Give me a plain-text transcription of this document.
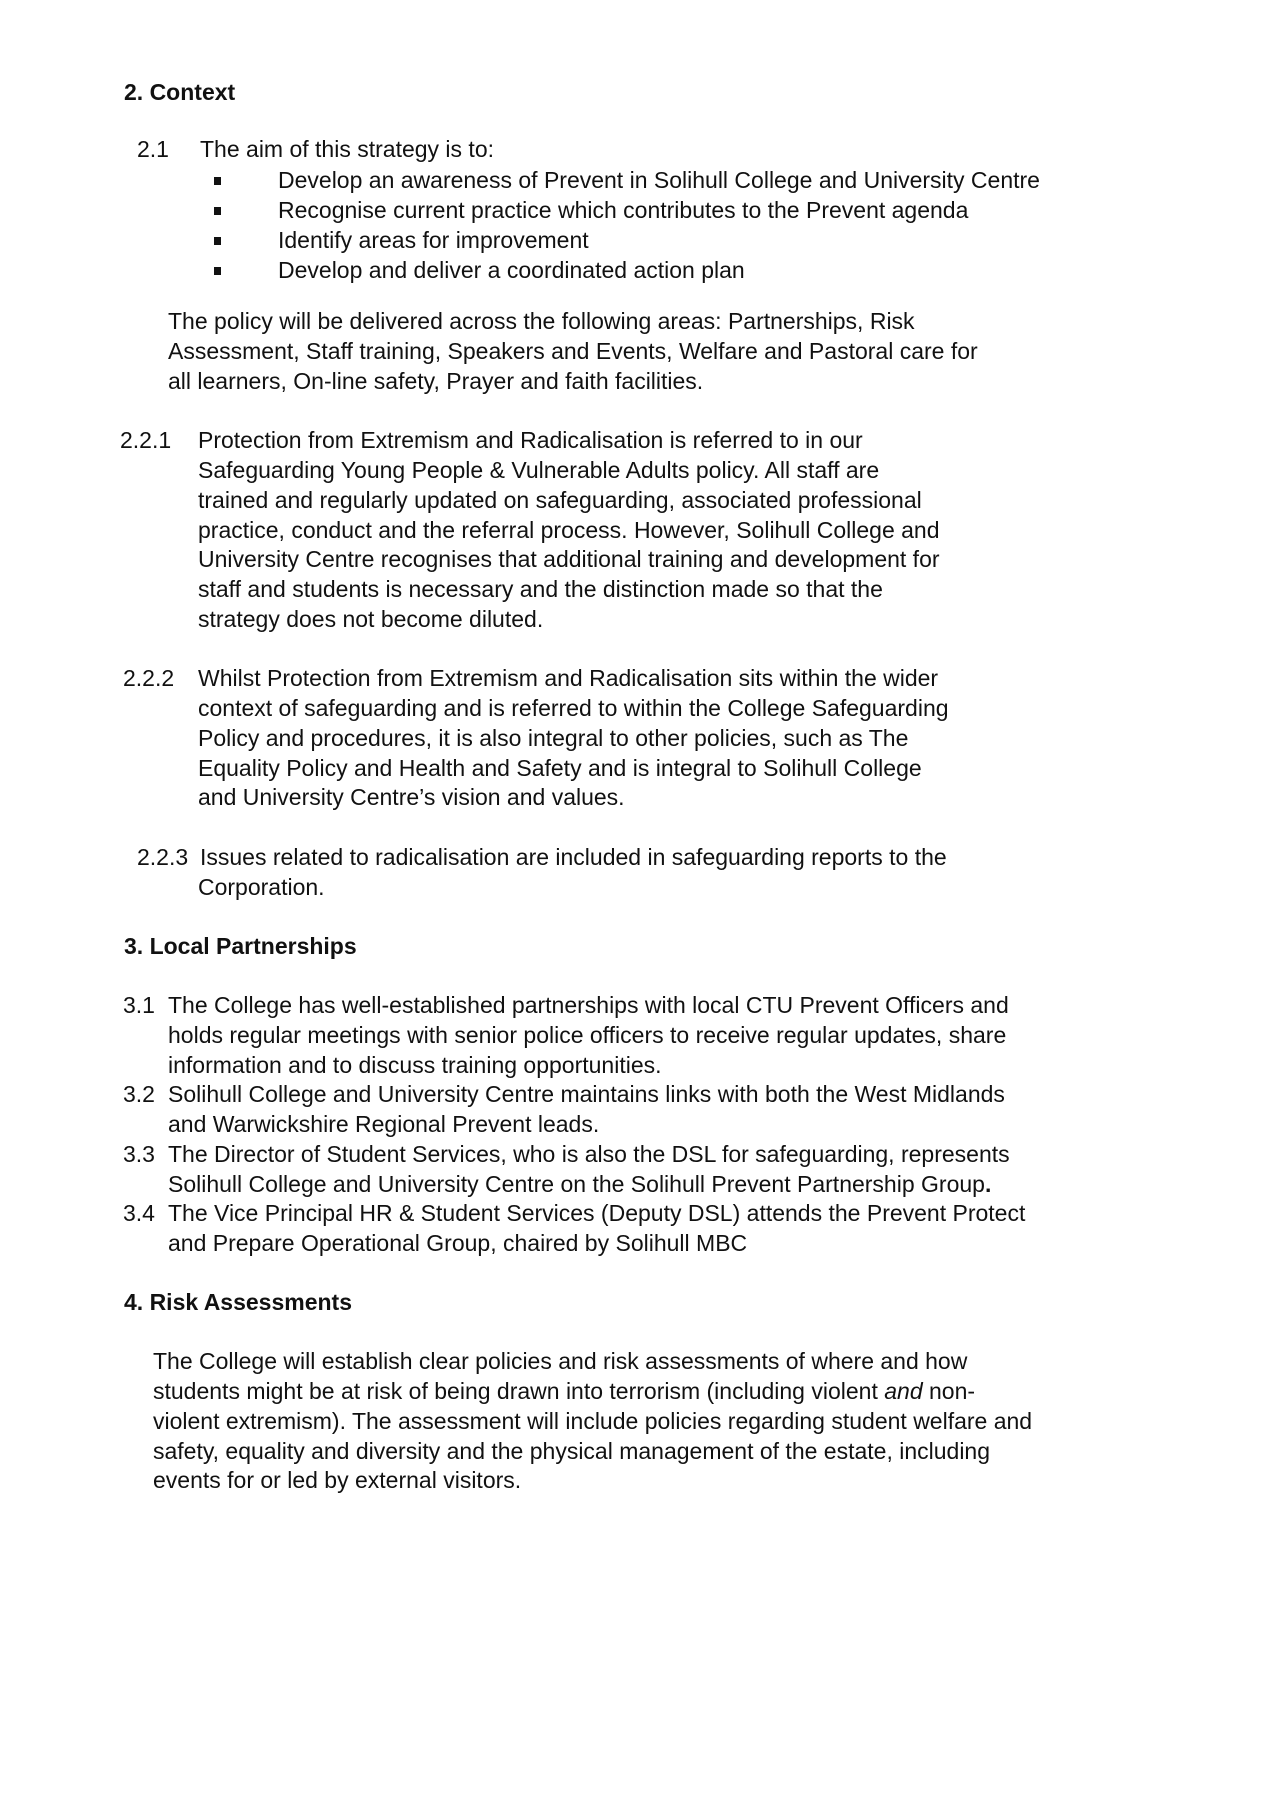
2. Context
2.1 The aim of this strategy is to:
Develop an awareness of Prevent in Solihull College and University Centre
Recognise current practice which contributes to the Prevent agenda
Identify areas for improvement
Develop and deliver a coordinated action plan
The policy will be delivered across the following areas: Partnerships, Risk
Assessment, Staff training, Speakers and Events, Welfare and Pastoral care for
all learners, On-line safety, Prayer and faith facilities.
2.2.1 Protection from Extremism and Radicalisation is referred to in our
Safeguarding Young People & Vulnerable Adults policy. All staff are
trained and regularly updated on safeguarding, associated professional
practice, conduct and the referral process. However, Solihull College and
University Centre recognises that additional training and development for
staff and students is necessary and the distinction made so that the
strategy does not become diluted.
2.2.2 Whilst Protection from Extremism and Radicalisation sits within the wider
context of safeguarding and is referred to within the College Safeguarding
Policy and procedures, it is also integral to other policies, such as The
Equality Policy and Health and Safety and is integral to Solihull College
and University Centre’s vision and values.
2.2.3 Issues related to radicalisation are included in safeguarding reports to the
Corporation.
3. Local Partnerships
3.1 The College has well-established partnerships with local CTU Prevent Officers and
holds regular meetings with senior police officers to receive regular updates, share
information and to discuss training opportunities.
3.2 Solihull College and University Centre maintains links with both the West Midlands
and Warwickshire Regional Prevent leads.
3.3 The Director of Student Services, who is also the DSL for safeguarding, represents
Solihull College and University Centre on the Solihull Prevent Partnership Group.
3.4 The Vice Principal HR & Student Services (Deputy DSL) attends the Prevent Protect
and Prepare Operational Group, chaired by Solihull MBC
4. Risk Assessments
The College will establish clear policies and risk assessments of where and how
students might be at risk of being drawn into terrorism (including violent and non-
violent extremism). The assessment will include policies regarding student welfare and
safety, equality and diversity and the physical management of the estate, including
events for or led by external visitors.
